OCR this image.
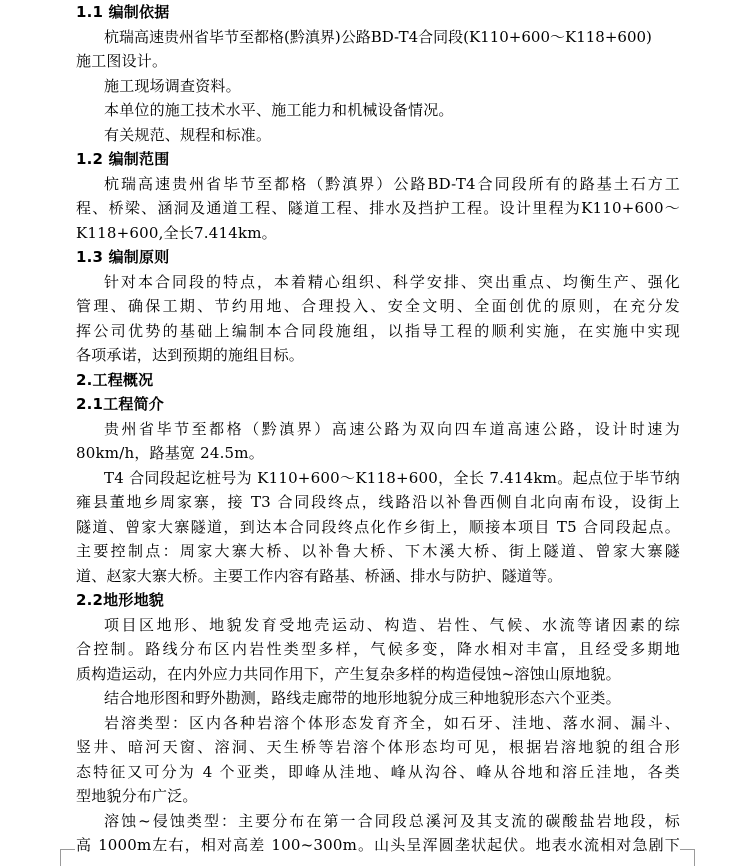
1.1 编制依据
杭瑞高速贵州省毕节至都格(黔滇界)公路BD-T4合同段(K110+600～K118+600)
施工图设计。
施工现场调查资料。
本单位的施工技术水平、施工能力和机械设备情况。
有关规范、规程和标准。
1.2 编制范围
杭瑞高速贵州省毕节至都格（黔滇界）公路BD-T4合同段所有的路基土石方工
程、桥梁、涵洞及通道工程、隧道工程、排水及挡护工程。设计里程为K110+600～
K118+600,全长7.414km。
1.3 编制原则
针对本合同段的特点，本着精心组织、科学安排、突出重点、均衡生产、强化
管理、确保工期、节约用地、合理投入、安全文明、全面创优的原则，在充分发
挥公司优势的基础上编制本合同段施组，以指导工程的顺利实施，在实施中实现
各项承诺，达到预期的施组目标。
2.工程概况
2.1工程简介
贵州省毕节至都格（黔滇界）高速公路为双向四车道高速公路，设计时速为
80km/h，路基宽 24.5m。
T4 合同段起讫桩号为 K110+600～K118+600，全长 7.414km。起点位于毕节纳
雍县董地乡周家寨，接 T3 合同段终点，线路沿以补鲁西侧自北向南布设，设街上
隧道、曾家大寨隧道，到达本合同段终点化作乡街上，顺接本项目 T5 合同段起点。
主要控制点：周家大寨大桥、以补鲁大桥、下木溪大桥、街上隧道、曾家大寨隧
道、赵家大寨大桥。主要工作内容有路基、桥涵、排水与防护、隧道等。
2.2地形地貌
项目区地形、地貌发育受地壳运动、构造、岩性、气候、水流等诸因素的综
合控制。路线分布区内岩性类型多样，气候多变，降水相对丰富，且经受多期地
质构造运动，在内外应力共同作用下，产生复杂多样的构造侵蚀~溶蚀山原地貌。
结合地形图和野外勘测，路线走廊带的地形地貌分成三种地貌形态六个亚类。
岩溶类型：区内各种岩溶个体形态发育齐全，如石牙、洼地、落水洞、漏斗、
竖井、暗河天窗、溶洞、天生桥等岩溶个体形态均可见，根据岩溶地貌的组合形
态特征又可分为 4 个亚类，即峰从洼地、峰从沟谷、峰从谷地和溶丘洼地，各类
型地貌分布广泛。
溶蚀~侵蚀类型：主要分布在第一合同段总溪河及其支流的碳酸盐岩地段，标
高 1000m左右，相对高差 100~300m。山头呈浑圆垄状起伏。地表水流相对急剧下
